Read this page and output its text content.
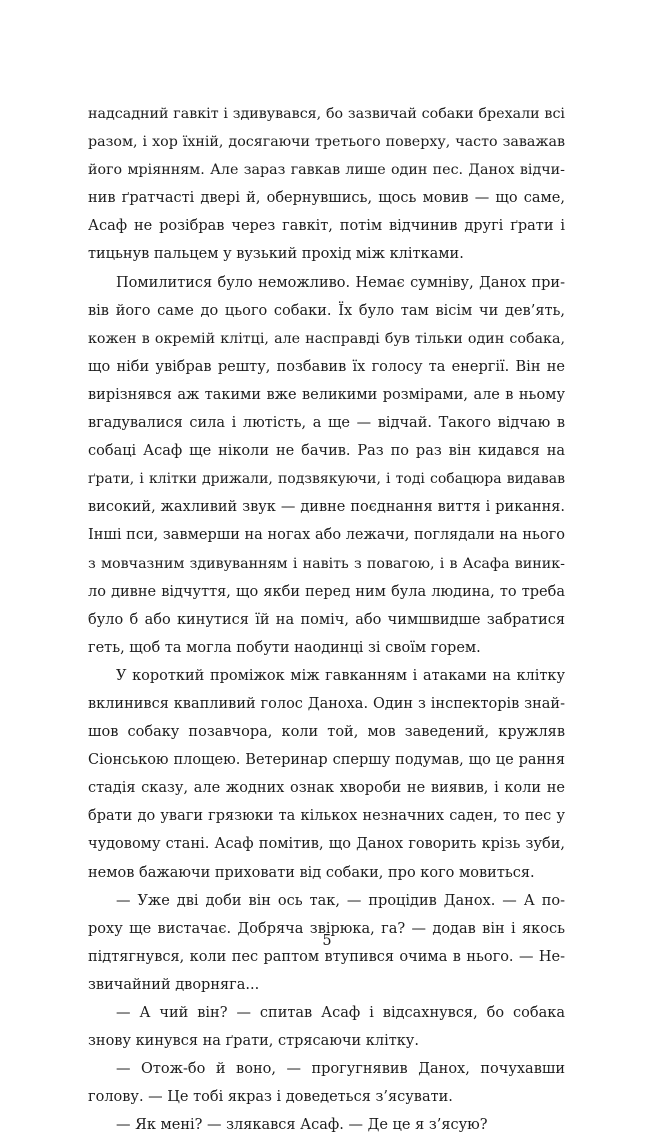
надсадний гавкіт і здивувався, бо зазвичай собаки брехали всі
разом, і хор їхній, досягаючи третього поверху, часто заважав
його мріянням. Але зараз гавкав лише один пес. Данох відчи-
нив ґратчасті двері й, обернувшись, щось мовив — що саме,
Асаф не розібрав через гавкіт, потім відчинив другі ґрати і
тицьнув пальцем у вузький прохід між клітками.
Помилитися було неможливо. Немає сумніву, Данох при-
вів його саме до цього собаки. Їх було там вісім чи дев’ять,
кожен в окремій клітці, але насправді був тільки один собака,
що ніби увібрав решту, позбавив їх голосу та енергії. Він не
вирізнявся аж такими вже великими розмірами, але в ньому
вгадувалися сила і лютість, а ще — відчай. Такого відчаю в
собаці Асаф ще ніколи не бачив. Раз по раз він кидався на
ґрати, і клітки дрижали, подзвякуючи, і тоді собацюра видавав
високий, жахливий звук — дивне поєднання виття і рикання.
Інші пси, завмерши на ногах або лежачи, поглядали на нього
з мовчазним здивуванням і навіть з повагою, і в Асафа виник-
ло дивне відчуття, що якби перед ним була людина, то треба
було б або кинутися їй на поміч, або чимшвидше забратися
геть, щоб та могла побути наодинці зі своїм горем.
У короткий проміжок між гавканням і атаками на клітку
вклинився квапливий голос Даноха. Один з інспекторів знай-
шов собаку позавчора, коли той, мов заведений, кружляв
Сіонською площею. Ветеринар спершу подумав, що це рання
стадія сказу, але жодних ознак хвороби не виявив, і коли не
брати до уваги грязюки та кількох незначних саден, то пес у
чудовому стані. Асаф помітив, що Данох говорить крізь зуби,
немов бажаючи приховати від собаки, про кого мовиться.
— Уже дві доби він ось так, — процідив Данох. — А по-
роху ще вистачає. Добряча звірюка, га? — додав він і якось
підтягнувся, коли пес раптом втупився очима в нього. — Не-
звичайний дворняга...
— А чий він? — спитав Асаф і відсахнувся, бо собака
знову кинувся на ґрати, стрясаючи клітку.
— Отож-бо й воно, — прогугнявив Данох, почухавши
голову. — Це тобі якраз і доведеться з’ясувати.
— Як мені? — злякався Асаф. — Де це я з’ясую?
5
